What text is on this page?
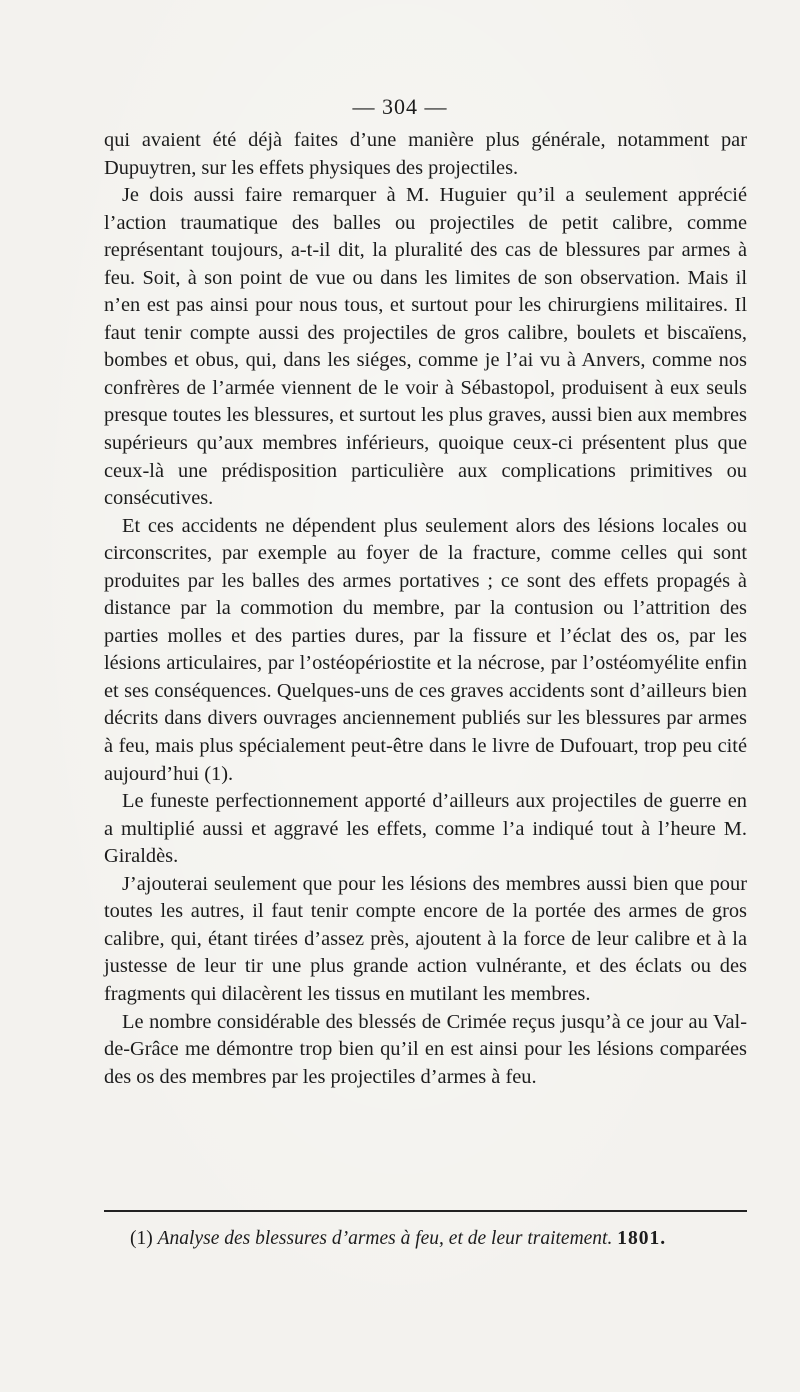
— 304 —

qui avaient été déjà faites d’une manière plus générale, notamment par Dupuytren, sur les effets physiques des projectiles.

Je dois aussi faire remarquer à M. Huguier qu’il a seulement apprécié l’action traumatique des balles ou projectiles de petit calibre, comme représentant toujours, a-t-il dit, la pluralité des cas de blessures par armes à feu. Soit, à son point de vue ou dans les limites de son observation. Mais il n’en est pas ainsi pour nous tous, et surtout pour les chirurgiens militaires. Il faut tenir compte aussi des projectiles de gros calibre, boulets et biscaïens, bombes et obus, qui, dans les siéges, comme je l’ai vu à Anvers, comme nos confrères de l’armée viennent de le voir à Sébastopol, produisent à eux seuls presque toutes les blessures, et surtout les plus graves, aussi bien aux membres supérieurs qu’aux membres inférieurs, quoique ceux-ci présentent plus que ceux-là une prédisposition particulière aux complications primitives ou consécutives.

Et ces accidents ne dépendent plus seulement alors des lésions locales ou circonscrites, par exemple au foyer de la fracture, comme celles qui sont produites par les balles des armes portatives ; ce sont des effets propagés à distance par la commotion du membre, par la contusion ou l’attrition des parties molles et des parties dures, par la fissure et l’éclat des os, par les lésions articulaires, par l’ostéopériostite et la nécrose, par l’ostéomyélite enfin et ses conséquences. Quelques-uns de ces graves accidents sont d’ailleurs bien décrits dans divers ouvrages anciennement publiés sur les blessures par armes à feu, mais plus spécialement peut-être dans le livre de Dufouart, trop peu cité aujourd’hui (1).

Le funeste perfectionnement apporté d’ailleurs aux projectiles de guerre en a multiplié aussi et aggravé les effets, comme l’a indiqué tout à l’heure M. Giraldès.

J’ajouterai seulement que pour les lésions des membres aussi bien que pour toutes les autres, il faut tenir compte encore de la portée des armes de gros calibre, qui, étant tirées d’assez près, ajoutent à la force de leur calibre et à la justesse de leur tir une plus grande action vulnérante, et des éclats ou des fragments qui dilacèrent les tissus en mutilant les membres.

Le nombre considérable des blessés de Crimée reçus jusqu’à ce jour au Val-de-Grâce me démontre trop bien qu’il en est ainsi pour les lésions comparées des os des membres par les projectiles d’armes à feu.

(1) Analyse des blessures d’armes à feu, et de leur traitement. 1801.
